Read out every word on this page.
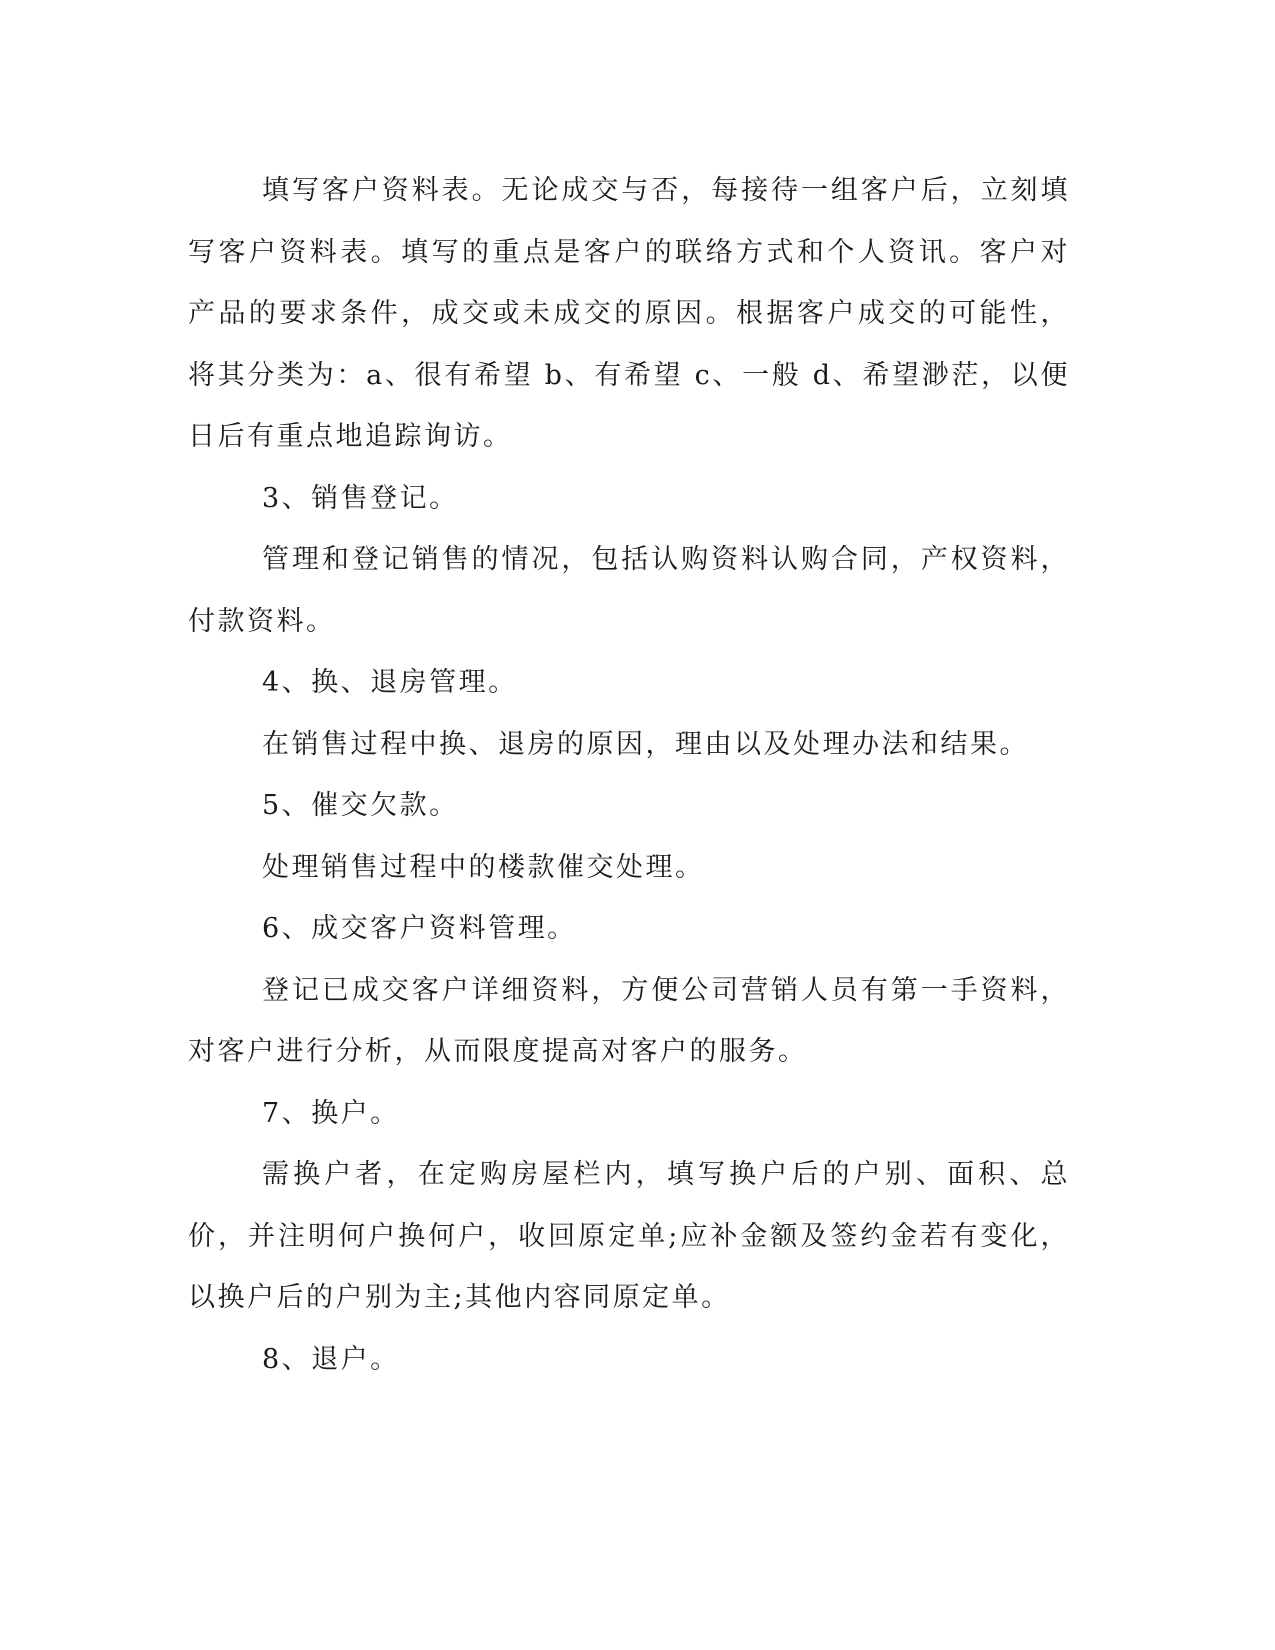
填写客户资料表。无论成交与否，每接待一组客户后，立刻填写客户资料表。填写的重点是客户的联络方式和个人资讯。客户对产品的要求条件，成交或未成交的原因。根据客户成交的可能性，将其分类为：a、很有希望 b、有希望 c、一般 d、希望渺茫，以便日后有重点地追踪询访。

3、销售登记。

管理和登记销售的情况，包括认购资料认购合同，产权资料，付款资料。

4、换、退房管理。

在销售过程中换、退房的原因，理由以及处理办法和结果。

5、催交欠款。

处理销售过程中的楼款催交处理。

6、成交客户资料管理。

登记已成交客户详细资料，方便公司营销人员有第一手资料，对客户进行分析，从而限度提高对客户的服务。

7、换户。

需换户者，在定购房屋栏内，填写换户后的户别、面积、总价，并注明何户换何户，收回原定单;应补金额及签约金若有变化，以换户后的户别为主;其他内容同原定单。

8、退户。
